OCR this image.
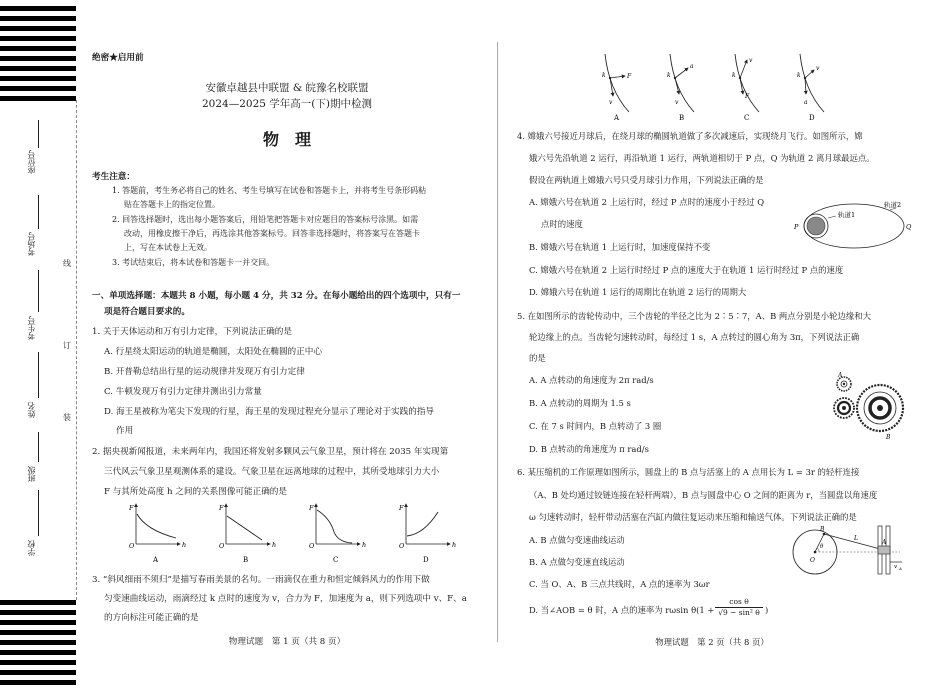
座位号
考场号
考生号
姓名
班级
学校
线
订
装
绝密★启用前
安徽卓越县中联盟 & 皖豫名校联盟
2024—2025 学年高一(下)期中检测
物　理
考生注意：
1. 答题前，考生务必将自己的姓名、考生号填写在试卷和答题卡上，并将考生号条形码粘
贴在答题卡上的指定位置。
2. 回答选择题时，选出每小题答案后，用铅笔把答题卡对应题目的答案标号涂黑。如需
改动，用橡皮擦干净后，再选涂其他答案标号。回答非选择题时，将答案写在答题卡
上，写在本试卷上无效。
3. 考试结束后，将本试卷和答题卡一并交回。
一、单项选择题：本题共 8 小题，每小题 4 分，共 32 分。在每小题给出的四个选项中，只有一
项是符合题目要求的。
1. 关于天体运动和万有引力定律，下列说法正确的是
A. 行星绕太阳运动的轨道是椭圆，太阳处在椭圆的正中心
B. 开普勒总结出行星的运动规律并发现万有引力定律
C. 牛顿发现万有引力定律并测出引力常量
D. 海王星被称为笔尖下发现的行星，海王星的发现过程充分显示了理论对于实践的指导
作用
2. 据央视新闻报道，未来两年内，我国还将发射多颗风云气象卫星，预计将在 2035 年实现第
三代风云气象卫星观测体系的建设。气象卫星在远离地球的过程中，其所受地球引力大小
F 与其所处高度 h 之间的关系图像可能正确的是
F
h
O
A
F
h
O
B
F
h
O
C
F
h
O
D
3. “斜风细雨不须归”是描写春雨美景的名句。一雨滴仅在重力和恒定倾斜风力的作用下做
匀变速曲线运动，雨滴经过 k 点时的速度为 v，合力为 F，加速度为 a，则下列选项中 v、F、a
的方向标注可能正确的是
物理试题　第 1 页（共 8 页）
k	F
v
A
k
a
v
B
k
v
F
C
k
v
a
D
4. 嫦娥六号接近月球后，在绕月球的椭圆轨道做了多次减速后，实现绕月飞行。如图所示，嫦
娥六号先沿轨道 2 运行，再沿轨道 1 运行，两轨道相切于 P 点，Q 为轨道 2 离月球最远点。
假设在两轨道上嫦娥六号只受月球引力作用，下列说法正确的是
A. 嫦娥六号在轨道 2 上运行时，经过 P 点时的速度小于经过 Q
点时的速度
B. 嫦娥六号在轨道 1 上运行时，加速度保持不变
C. 嫦娥六号在轨道 2 上运行时经过 P 点的速度大于在轨道 1 运行时经过 P 点的速度
D. 嫦娥六号在轨道 1 运行的周期比在轨道 2 运行的周期大
P	Q
轨道1
轨道2
5. 在如图所示的齿轮传动中，三个齿轮的半径之比为 2∶5∶7，A、B 两点分别是小轮边缘和大
轮边缘上的点。当齿轮匀速转动时，每经过 1 s，A 点转过的圆心角为 3π，下列说法正确
的是
A. A 点转动的角速度为 2π rad/s
B. A 点转动的周期为 1.5 s
C. 在 7 s 时间内，B 点转动了 3 圈
D. B 点转动的角速度为 π rad/s
A
B
6. 某压缩机的工作原理如图所示，圆盘上的 B 点与活塞上的 A 点用长为 L = 3r 的轻杆连接
（A、B 处均通过铰链连接在轻杆两端），B 点与圆盘中心 O 之间的距离为 r，当圆盘以角速度
ω 匀速转动时，轻杆带动活塞在汽缸内做往复运动来压缩和输送气体。下列说法正确的是
A. B 点做匀变速曲线运动
B. A 点做匀变速直线运动
C. 当 O、A、B 三点共线时，A 点的速率为 3ωr
D. 当∠AOB = θ 时，A 点的速率为 rωsin $\theta(1 + \frac{\text{cos θ}}{\text{√9 − sin² θ}}$ )
B
A
O
L
θ
v A
物理试题　第 2 页（共 8 页）
